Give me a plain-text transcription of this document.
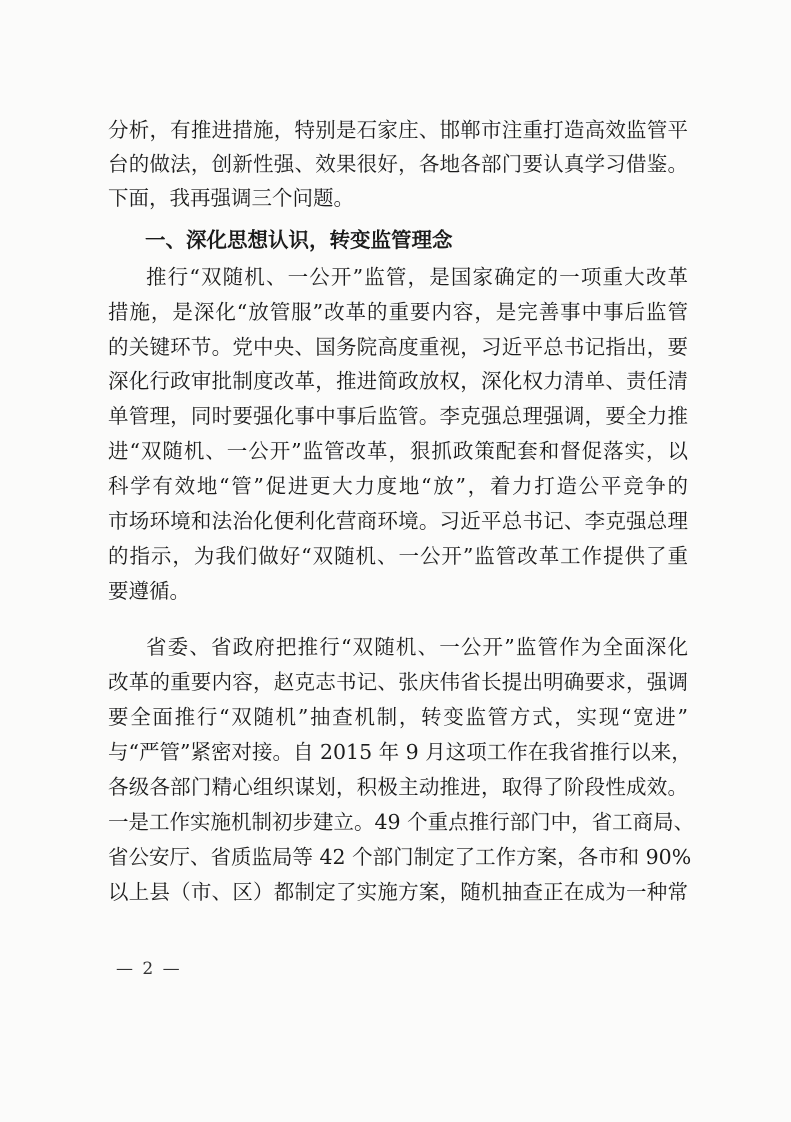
分析，有推进措施，特别是石家庄、邯郸市注重打造高效监管平
台的做法，创新性强、效果很好，各地各部门要认真学习借鉴。
下面，我再强调三个问题。
一、深化思想认识，转变监管理念
推行“双随机、一公开”监管，是国家确定的一项重大改革
措施，是深化“放管服”改革的重要内容，是完善事中事后监管
的关键环节。党中央、国务院高度重视，习近平总书记指出，要
深化行政审批制度改革，推进简政放权，深化权力清单、责任清
单管理，同时要强化事中事后监管。李克强总理强调，要全力推
进“双随机、一公开”监管改革，狠抓政策配套和督促落实，以
科学有效地“管”促进更大力度地“放”，着力打造公平竞争的
市场环境和法治化便利化营商环境。习近平总书记、李克强总理
的指示，为我们做好“双随机、一公开”监管改革工作提供了重
要遵循。
省委、省政府把推行“双随机、一公开”监管作为全面深化
改革的重要内容，赵克志书记、张庆伟省长提出明确要求，强调
要全面推行“双随机”抽查机制，转变监管方式，实现“宽进”
与“严管”紧密对接。自 2015 年 9 月这项工作在我省推行以来，
各级各部门精心组织谋划，积极主动推进，取得了阶段性成效。
一是工作实施机制初步建立。49 个重点推行部门中，省工商局、
省公安厅、省质监局等 42 个部门制定了工作方案，各市和 90%
以上县（市、区）都制定了实施方案，随机抽查正在成为一种常
— 2 —
